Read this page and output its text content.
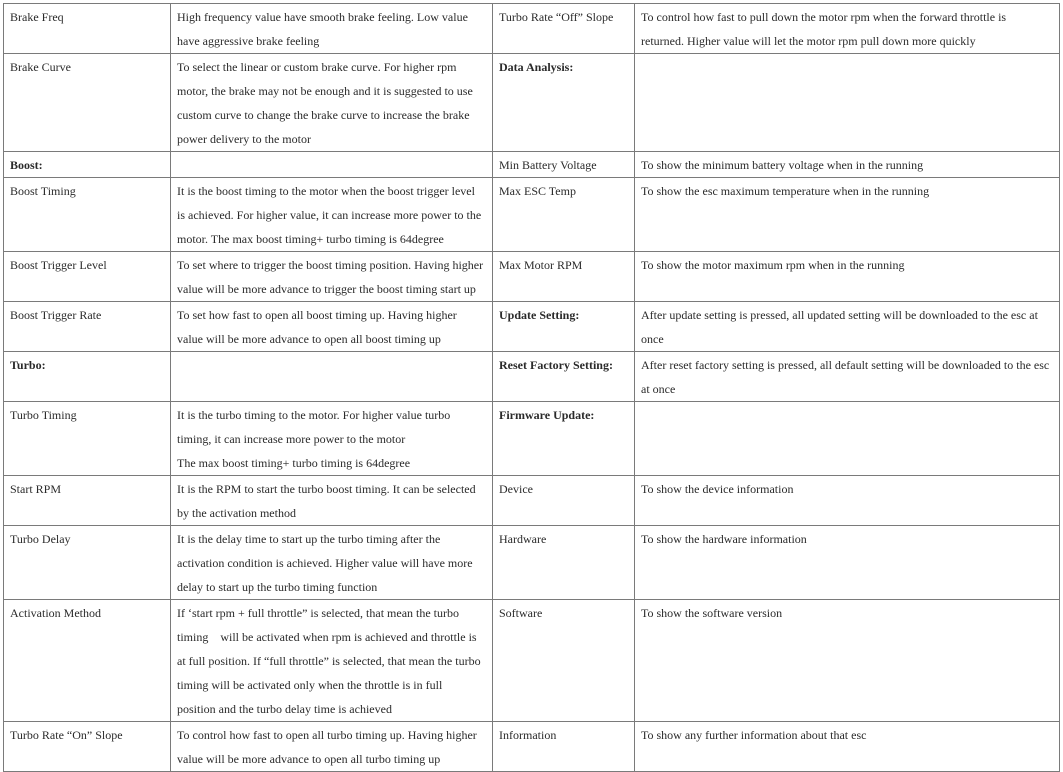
Brake Freq	High frequency value have smooth brake feeling. Low value
have aggressive brake feeling	Turbo Rate “Off” Slope	To control how fast to pull down the motor rpm when the forward throttle is
returned. Higher value will let the motor rpm pull down more quickly

Brake Curve	To select the linear or custom brake curve. For higher rpm
motor, the brake may not be enough and it is suggested to use
custom curve to change the brake curve to increase the brake
power delivery to the motor	Data Analysis:	
Boost:		Min Battery Voltage	To show the minimum battery voltage when in the running

Boost Timing	It is the boost timing to the motor when the boost trigger level
is achieved. For higher value, it can increase more power to the
motor. The max boost timing+ turbo timing is 64degree	Max ESC Temp	To show the esc maximum temperature when in the running

Boost Trigger Level	To set where to trigger the boost timing position. Having higher
value will be more advance to trigger the boost timing start up	Max Motor RPM	To show the motor maximum rpm when in the running

Boost Trigger Rate	To set how fast to open all boost timing up. Having higher
value will be more advance to open all boost timing up	Update Setting:	After update setting is pressed, all updated setting will be downloaded to the esc at
once

Turbo:		Reset Factory Setting:	After reset factory setting is pressed, all default setting will be downloaded to the esc
at once

Turbo Timing	It is the turbo timing to the motor. For higher value turbo
timing, it can increase more power to the motor
The max boost timing+ turbo timing is 64degree	Firmware Update:	
Start RPM	It is the RPM to start the turbo boost timing. It can be selected
by the activation method	Device	To show the device information

Turbo Delay	It is the delay time to start up the turbo timing after the
activation condition is achieved. Higher value will have more
delay to start up the turbo timing function	Hardware	To show the hardware information

Activation Method	If ‘start rpm + full throttle” is selected, that mean the turbo
timing    will be activated when rpm is achieved and throttle is
at full position. If “full throttle” is selected, that mean the turbo
timing will be activated only when the throttle is in full
position and the turbo delay time is achieved	Software	To show the software version

Turbo Rate “On” Slope	To control how fast to open all turbo timing up. Having higher
value will be more advance to open all turbo timing up	Information	To show any further information about that esc
